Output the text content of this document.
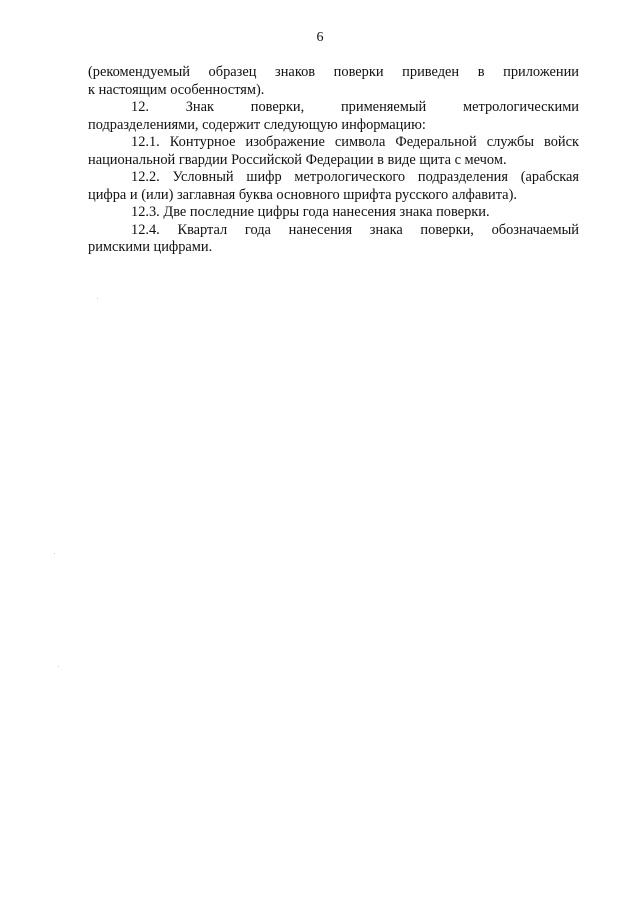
6

(рекомендуемый образец знаков поверки приведен в приложении
к настоящим особенностям).

12. Знак поверки, применяемый метрологическими
подразделениями, содержит следующую информацию:

12.1. Контурное изображение символа Федеральной службы войск
национальной гвардии Российской Федерации в виде щита с мечом.

12.2. Условный шифр метрологического подразделения (арабская
цифра и (или) заглавная буква основного шрифта русского алфавита).

12.3. Две последние цифры года нанесения знака поверки.

12.4. Квартал года нанесения знака поверки, обозначаемый
римскими цифрами.
